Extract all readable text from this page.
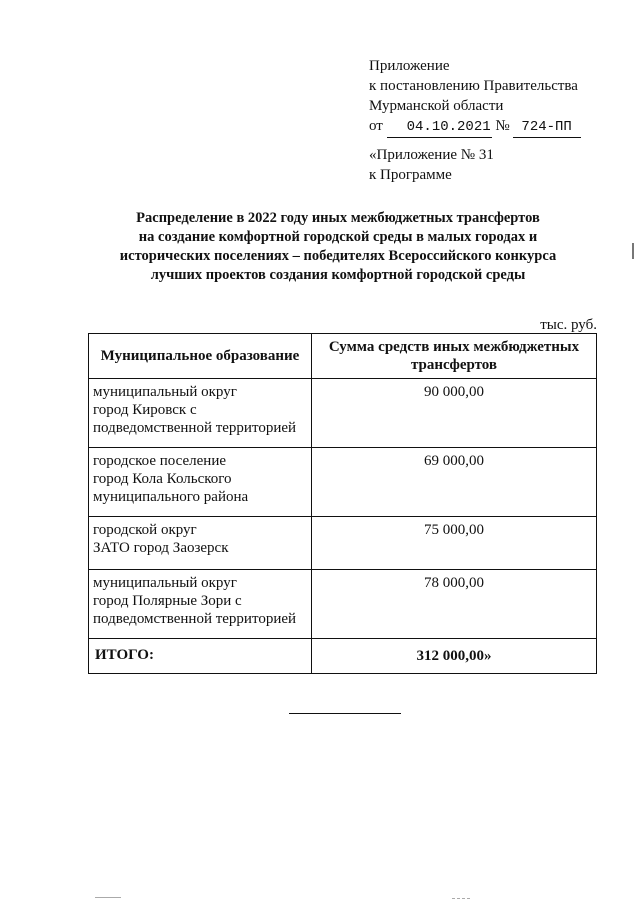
Приложение
к постановлению Правительства
Мурманской области
от 04.10.2021 № 724-ПП
«Приложение № 31
к Программе
Распределение в 2022 году иных межбюджетных трансфертов
на создание комфортной городской среды в малых городах и
исторических поселениях – победителях Всероссийского конкурса
лучших проектов создания комфортной городской среды
тыс. руб.
Муниципальное образование	Сумма средств иных межбюджетных трансфертов

муниципальный округ
город Кировск с
подведомственной территорией	90 000,00

городское поселение
город Кола Кольского
муниципального района	69 000,00

городской округ
ЗАТО город Заозерск	75 000,00

муниципальный округ
город Полярные Зори с
подведомственной территорией	78 000,00
ИТОГО:	312 000,00»
